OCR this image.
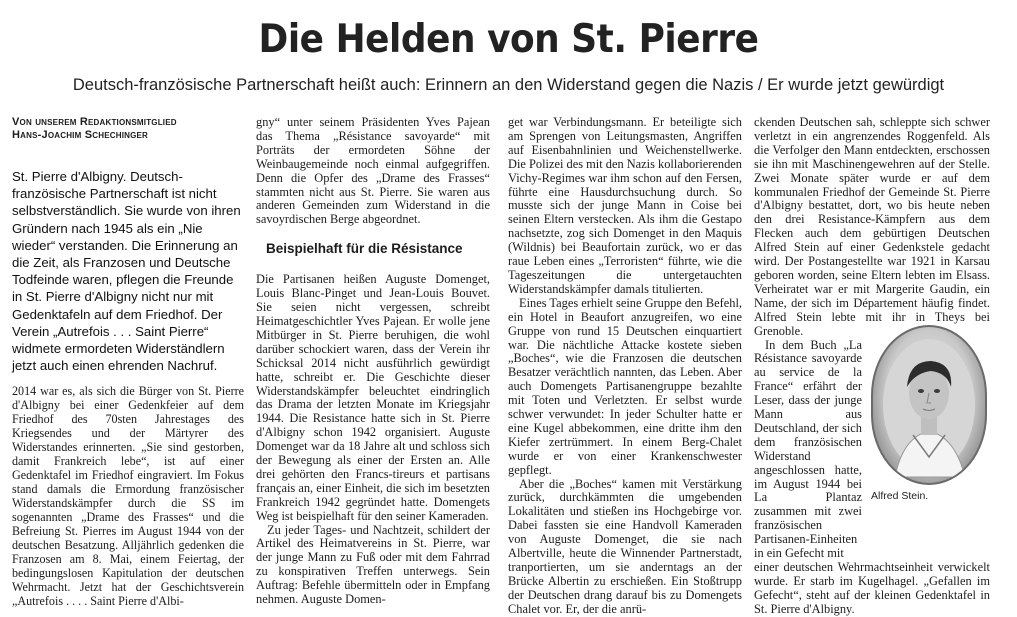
Die Helden von St. Pierre
Deutsch-französische Partnerschaft heißt auch: Erinnern an den Widerstand gegen die Nazis / Er wurde jetzt gewürdigt

Von unserem Redaktionsmitglied

Hans-Joachim Schechinger

St. Pierre d'Albigny. Deutsch-französische Partnerschaft ist nicht selbstverständlich. Sie wurde von ihren Gründern nach 1945 als ein „Nie wieder“ verstanden. Die Erinnerung an die Zeit, als Franzosen und Deutsche Todfeinde waren, pflegen die Freunde in St. Pierre d'Albigny nicht nur mit Gedenktafeln auf dem Friedhof. Der Verein „Autrefois . . . Saint Pierre“ widmete ermordeten Widerständlern jetzt auch einen ehrenden Nachruf.

2014 war es, als sich die Bürger von St. Pierre d'Albigny bei einer Gedenkfeier auf dem Friedhof des 70sten Jahrestages des Kriegsendes und der Märtyrer des Widerstandes erinnerten. „Sie sind gestorben, damit Frankreich lebe“, ist auf einer Gedenktafel im Friedhof eingraviert. Im Fokus stand damals die Ermordung französischer Widerstandskämpfer durch die SS im sogenannten „Drame des Frasses“ und die Befreiung St. Pierres im August 1944 von der deutschen Besatzung. Alljährlich gedenken die Franzosen am 8. Mai, einem Feiertag, der bedingungslosen Kapitulation der deutschen Wehrmacht. Jetzt hat der Geschichtsverein „Autrefois . . . . Saint Pierre d'Albi-

gny“ unter seinem Präsidenten Yves Pajean das Thema „Résistance savoyarde“ mit Porträts der ermordeten Söhne der Weinbaugemeinde noch einmal aufgegriffen. Denn die Opfer des „Drame des Frasses“ stammten nicht aus St. Pierre. Sie waren aus anderen Gemeinden zum Widerstand in die savoyrdischen Berge abgeordnet.

Beispielhaft für die Résistance

Die Partisanen heißen Auguste Domenget, Louis Blanc-Pinget und Jean-Louis Bouvet. Sie seien nicht vergessen, schreibt Heimatgeschichtler Yves Pajean. Er wolle jene Mitbürger in St. Pierre beruhigen, die wohl darüber schockiert waren, dass der Verein ihr Schicksal 2014 nicht ausführlich gewürdigt hatte, schreibt er. Die Geschichte dieser Widerstandskämpfer beleuchtet eindringlich das Drama der letzten Monate im Kriegsjahr 1944. Die Resistance hatte sich in St. Pierre d'Albigny schon 1942 organisiert. Auguste Domenget war da 18 Jahre alt und schloss sich der Bewegung als einer der Ersten an. Alle drei gehörten den Francs-tireurs et partisans français an, einer Einheit, die sich im besetzten Frankreich 1942 gegründet hatte. Domengets Weg ist beispielhaft für den seiner Kameraden.

Zu jeder Tages- und Nachtzeit, schildert der Artikel des Heimatvereins in St. Pierre, war der junge Mann zu Fuß oder mit dem Fahrrad zu konspirativen Treffen unterwegs. Sein Auftrag: Befehle übermitteln oder in Empfang nehmen. Auguste Domen-

get war Verbindungsmann. Er beteiligte sich am Sprengen von Leitungsmasten, Angriffen auf Eisenbahnlinien und Weichenstellwerke. Die Polizei des mit den Nazis kollaborierenden Vichy-Regimes war ihm schon auf den Fersen, führte eine Hausdurchsuchung durch. So musste sich der junge Mann in Coise bei seinen Eltern verstecken. Als ihm die Gestapo nachsetzte, zog sich Domenget in den Maquis (Wildnis) bei Beaufortain zurück, wo er das raue Leben eines „Terroristen“ führte, wie die Tageszeitungen die untergetauchten Widerstandskämpfer damals titulierten.

Eines Tages erhielt seine Gruppe den Befehl, ein Hotel in Beaufort anzugreifen, wo eine Gruppe von rund 15 Deutschen einquartiert war. Die nächtliche Attacke kostete sieben „Boches“, wie die Franzosen die deutschen Besatzer verächtlich nannten, das Leben. Aber auch Domengets Partisanengruppe bezahlte mit Toten und Verletzten. Er selbst wurde schwer verwundet: In jeder Schulter hatte er eine Kugel abbekommen, eine dritte ihm den Kiefer zertrümmert. In einem Berg-Chalet wurde er von einer Krankenschwester gepflegt.

Aber die „Boches“ kamen mit Verstärkung zurück, durchkämmten die umgebenden Lokalitäten und stießen ins Hochgebirge vor. Dabei fassten sie eine Handvoll Kameraden von Auguste Domenget, die sie nach Albertville, heute die Winnender Partnerstadt, tranportierten, um sie anderntags an der Brücke Albertin zu erschießen. Ein Stoßtrupp der Deutschen drang darauf bis zu Domengets Chalet vor. Er, der die anrü-

ckenden Deutschen sah, schleppte sich schwer verletzt in ein angrenzendes Roggenfeld. Als die Verfolger den Mann entdeckten, erschossen sie ihn mit Maschinengewehren auf der Stelle. Zwei Monate später wurde er auf dem kommunalen Friedhof der Gemeinde St. Pierre d'Albigny bestattet, dort, wo bis heute neben den drei Resistance-Kämpfern aus dem Flecken auch dem gebürtigen Deutschen Alfred Stein auf einer Gedenkstele gedacht wird. Der Postangestellte war 1921 in Karsau geboren worden, seine Eltern lebten im Elsass. Verheiratet war er mit Margerite Gaudin, ein Name, der sich im Département häufig findet. Alfred Stein lebte mit ihr in Theys bei Grenoble.

In dem Buch „La Résistance savoyarde au service de la France“ erfährt der Leser, dass der junge Mann aus Deutschland, der sich dem französischen Widerstand angeschlossen hatte, im August 1944 bei La Plantaz zusammen mit zwei französischen Partisanen-Einheiten in ein Gefecht mit

einer deutschen Wehrmachtseinheit verwickelt wurde. Er starb im Kugelhagel. „Gefallen im Gefecht“, steht auf der kleinen Gedenktafel in St. Pierre d'Albigny.

Alfred Stein.
